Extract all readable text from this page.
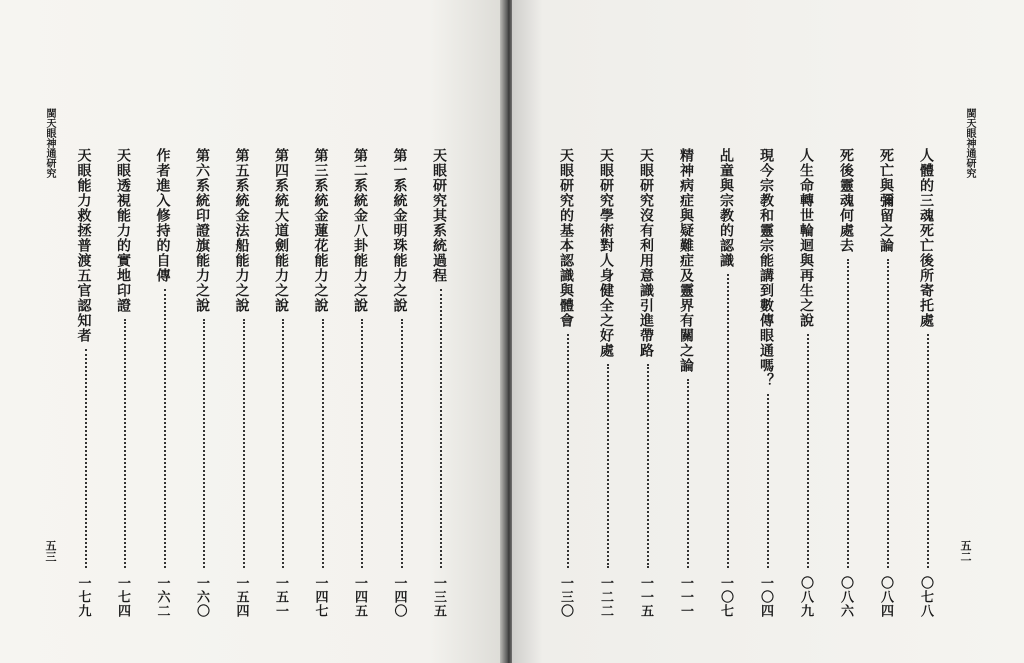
閩天眼神通研究
天眼研究其系統過程
一三五
第一系統金明珠能力之說
一四〇
第二系統金八卦能力之說
一四五
第三系統金蓮花能力之說
一四七
第四系統大道劍能力之說
一五一
第五系統金法船能力之說
一五四
第六系統印證旗能力之說
一六〇
作者進入修持的自傳
一六二
天眼透視能力的實地印證
一七四
天眼能力救拯普渡五官認知者
一七九
五三
閩天眼神通研究
人體的三魂死亡後所寄托處
〇七八
死亡與彌留之論
〇八四
死後靈魂何處去
〇八六
人生命轉世輪迴與再生之說
〇八九
現今宗教和靈宗能講到數傳眼通嗎？
一〇四
乩童與宗教的認識
一〇七
精神病症與疑難症及靈界有關之論
一一一
天眼研究沒有利用意識引進帶路
一一五
天眼研究學術對人身健全之好處
一二二
天眼研究的基本認識與體會
一三〇
五二
